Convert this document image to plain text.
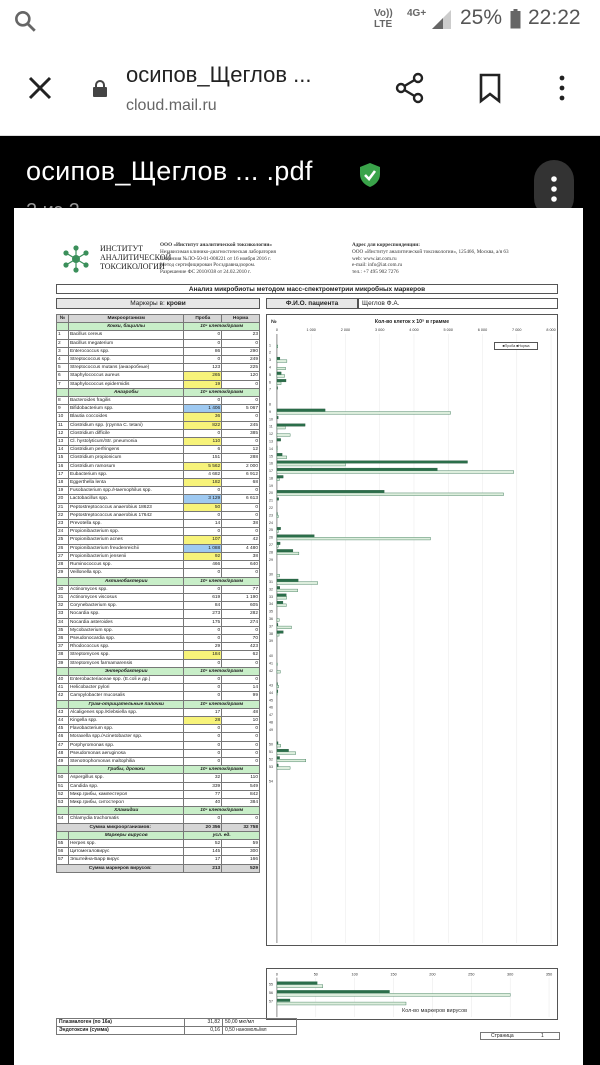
Vo))
LTE
4G+ 25% 22:22
осипов_Щеглов ...
cloud.mail.ru
осипов_Щеглов ... .pdf
ИНСТИТУТ
АНАЛИТИЧЕСКОЙ
ТОКСИКОЛОГИИ
ООО «Институт аналитической токсикологии»
Независимая клинико-диагностическая лаборатория
Лицензия №ЛО-50-01-008221 от 16 ноября 2016 г.
Метод сертифицирован Росздравнадзором.
Разрешение ФС 2010/038 от 24.02.2010 г.
Адрес для корреспонденции:
ООО «Институт аналитической токсикологии», 125466, Москва, а/я 63
web: www.iat.com.ru
e-mail: info@iat.com.ru
тел.: +7 495 902 7276
Анализ микробиоты методом масс-спектрометрии микробных маркеров
Маркеры в: крови	Ф.И.О. пациента	Щеглов Ф.А.
№	Микроорганизм	Проба	Норма
	Кокки, бациллы	10⁵ клеток/грамм	
1	Bacillus cereus	0	23
2	Bacillus megaterium	0	0
3	Enterococcus spp.	86	290
4	Streptococcus spp.	0	249
5	Streptococcus mutans (анаэробные)	123	225
6	Staphylococcus aureus	265	120
7	Staphylococcus epidermidis	19	0
	Анаэробы	10⁵ клеток/грамм	
8	Bacteroides fragilis	0	0
9	Bifidobacterium spp.	1 406	5 067
10	Blautia coccoides	36	0
11	Clostridium spp. (группа C. tetani)	822	245
12	Clostridium difficile	0	385
13	Cl. hystolyticum/Str. pneumonia	110	0
14	Clostridium perfringens	6	12
15	Clostridium propionicum	151	288
16	Clostridium ramosum	5 562	2 000
17	Eubacterium spp.	4 682	6 912
18	Eggerthella lenta	182	68
19	Fusobacterium spp./Haemophilus spp.	0	0
20	Lactobacillus spp.	3 129	6 613
21	Peptostreptococcus anaerobius 18623	50	0
22	Peptostreptococcus anaerobius 17642	0	0
23	Prevotella spp.	14	38
24	Propionibacterium spp.	0	0
25	Propionibacterium acnes	107	42
26	Propionibacterium freudenreichii	1 088	4 480
27	Propionibacterium jensenii	92	38
28	Ruminococcus spp.	466	640
29	Veillonella spp.	0	0
	Актинобактерии	10⁵ клеток/грамм	
30	Actinomyces spp.	0	77
31	Actinomyces viscosus	619	1 190
32	Corynebacterium spp.	84	605
33	Nocardia spp.	273	282
34	Nocardia asteroides	175	274
35	Mycobacterium spp.	0	0
36	Pseudonocardia spp.	0	70
37	Rhodococcus spp.	29	423
38	Streptomyces spp.	184	62
39	Streptomyces farmamarensis	0	0
	Энтеробактерии	10⁵ клеток/грамм	
40	Enterobacteriaceae spp. (E.coli и др.)	0	0
41	Helicobacter pylori	0	14
42	Campylobacter mucosalis	0	99
	Грам-отрицательные палочки	10⁵ клеток/грамм	
43	Alcaligenes spp./Klebsiella spp.	17	48
44	Kingella spp.	28	10
45	Flavobacterium spp.	0	0
46	Moraxella spp./Acinetobacter spp.	0	0
47	Porphyromonas spp.	0	0
48	Pseudomonas aeruginosa	0	0
49	Stenotrophomonas maltophilia	0	0
	Грибы, дрожжи	10⁵ клеток/грамм	
50	Aspergillus spp.	32	110
51	Candida spp.	339	549
52	Микр.грибы, кампестерол	77	842
53	Микр.грибы, ситостерол	40	384
	Хламидии	10⁵ клеток/грамм	
54	Chlamydia trachomatis	0	0
Сумма микроорганизмов:		20 356	32 758
	Маркеры вирусов	усл. ед.	
55	Herpes spp.	52	59
56	Цитомегаловирус	145	300
57	Эпштейна-Барр вирус	17	166
Сумма маркеров вирусов:		213	529
№	Кол-во клеток х 10⁵ в грамме
0	1 000	2 000	3 000	4 000	5 000	6 000	7 000	8 000
1
2
3
4
5
6
7
8
9
10
11
12
13
14
15
16
17
18
19
20
21
22
23
24
25
26
27
28
29
30
31
32
33
34
35
36
37
38
39
40
41
42
43
44
45
46
47
48
49
50
51
52
53
54
■Проба ■Норма
0	50	100	150	200	250	300	350
55
56
57
Кол-во маркеров вирусов
Плазмалоген (по 16а)	31,82	50,00 мкг/мл
Эндотоксин (сумма)	0,16	0,50 наномоль/мл
Страница	1
